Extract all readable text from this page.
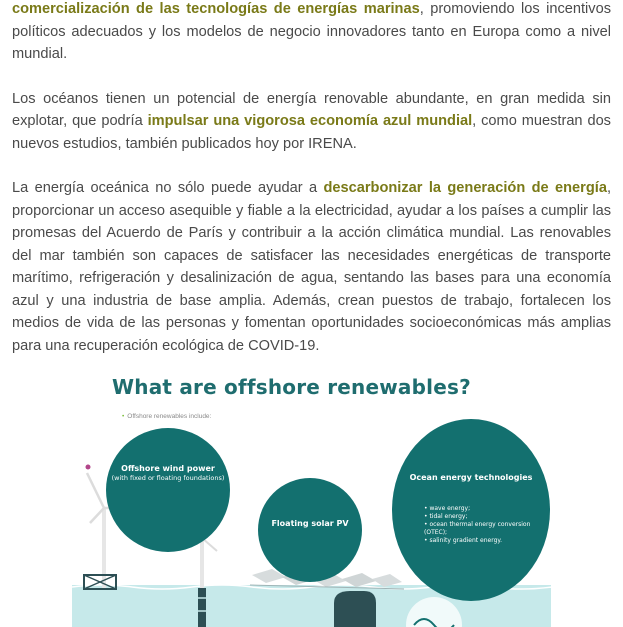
comercialización de las tecnologías de energías marinas, promoviendo los incentivos políticos adecuados y los modelos de negocio innovadores tanto en Europa como a nivel mundial.

Los océanos tienen un potencial de energía renovable abundante, en gran medida sin explotar, que podría impulsar una vigorosa economía azul mundial, como muestran dos nuevos estudios, también publicados hoy por IRENA.

La energía oceánica no sólo puede ayudar a descarbonizar la generación de energía, proporcionar un acceso asequible y fiable a la electricidad, ayudar a los países a cumplir las promesas del Acuerdo de París y contribuir a la acción climática mundial. Las renovables del mar también son capaces de satisfacer las necesidades energéticas de transporte marítimo, refrigeración y desalinización de agua, sentando las bases para una economía azul y una industria de base amplia. Además, crean puestos de trabajo, fortalecen los medios de vida de las personas y fomentan oportunidades socioeconómicas más amplias para una recuperación ecológica de COVID-19.

What are offshore renewables?
• Offshore renewables include:
Offshore wind power
(with fixed or floating foundations)
Floating solar PV
Ocean energy technologies
• wave energy;
• tidal energy;
• ocean thermal energy conversion (OTEC);
• salinity gradient energy.
